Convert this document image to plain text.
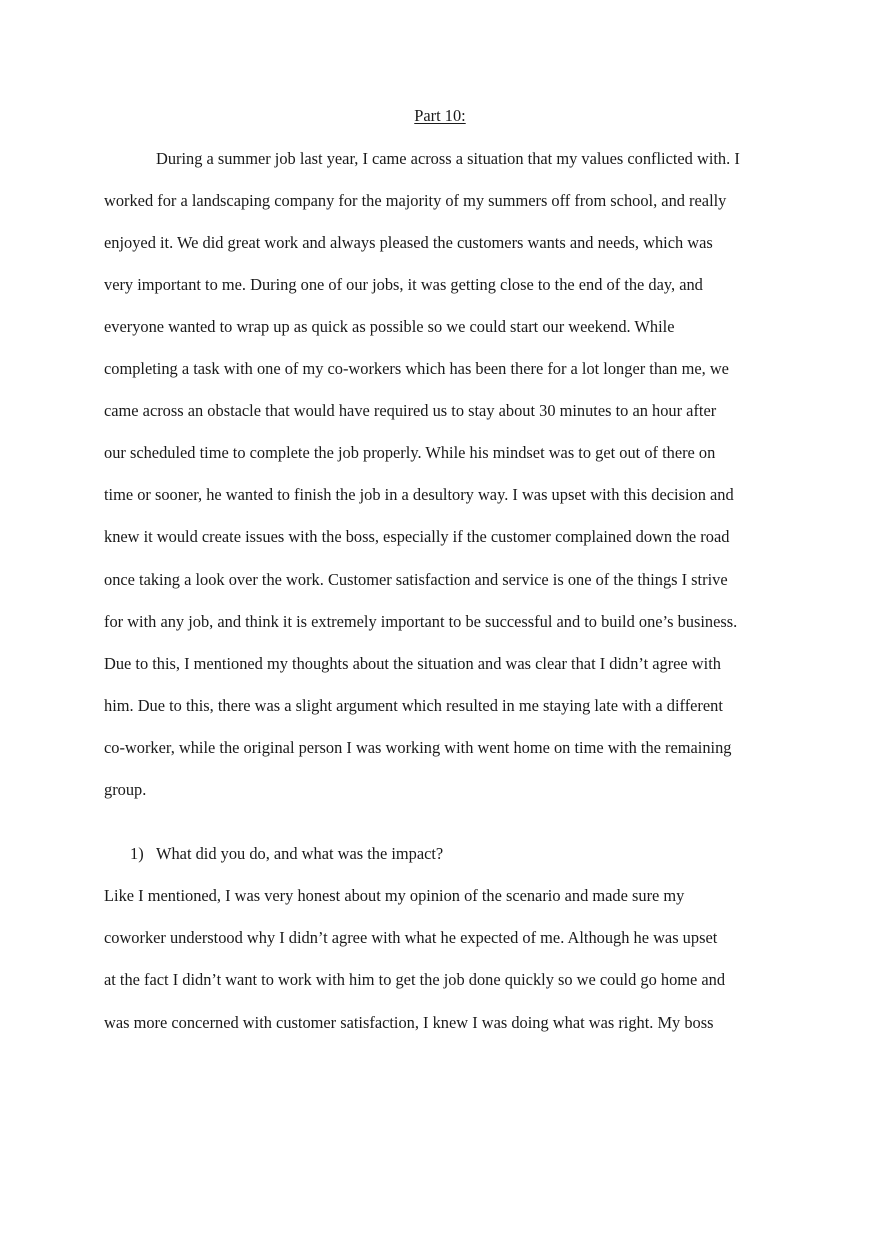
Part 10:
During a summer job last year, I came across a situation that my values conflicted with. I
worked for a landscaping company for the majority of my summers off from school, and really
enjoyed it. We did great work and always pleased the customers wants and needs, which was
very important to me. During one of our jobs, it was getting close to the end of the day, and
everyone wanted to wrap up as quick as possible so we could start our weekend. While
completing a task with one of my co-workers which has been there for a lot longer than me, we
came across an obstacle that would have required us to stay about 30 minutes to an hour after
our scheduled time to complete the job properly. While his mindset was to get out of there on
time or sooner, he wanted to finish the job in a desultory way. I was upset with this decision and
knew it would create issues with the boss, especially if the customer complained down the road
once taking a look over the work. Customer satisfaction and service is one of the things I strive
for with any job, and think it is extremely important to be successful and to build one’s business.
Due to this, I mentioned my thoughts about the situation and was clear that I didn’t agree with
him. Due to this, there was a slight argument which resulted in me staying late with a different
co-worker, while the original person I was working with went home on time with the remaining
group.
1) What did you do, and what was the impact?
Like I mentioned, I was very honest about my opinion of the scenario and made sure my
coworker understood why I didn’t agree with what he expected of me. Although he was upset
at the fact I didn’t want to work with him to get the job done quickly so we could go home and
was more concerned with customer satisfaction, I knew I was doing what was right. My boss
